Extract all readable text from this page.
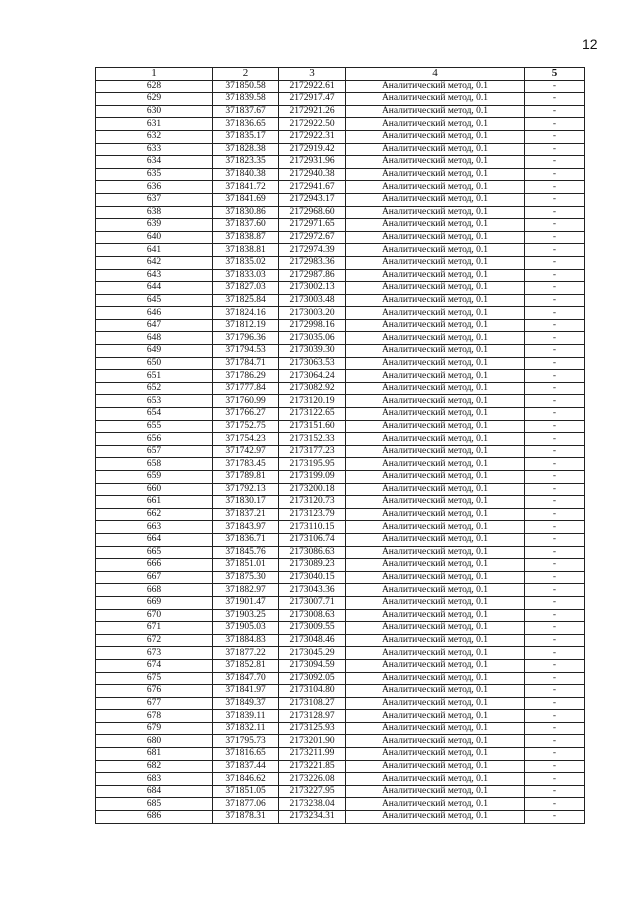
12
1	2	3	4	5
628	371850.58	2172922.61	Аналитический метод, 0.1	-
629	371839.58	2172917.47	Аналитический метод, 0.1	-
630	371837.67	2172921.26	Аналитический метод, 0.1	-
631	371836.65	2172922.50	Аналитический метод, 0.1	-
632	371835.17	2172922.31	Аналитический метод, 0.1	-
633	371828.38	2172919.42	Аналитический метод, 0.1	-
634	371823.35	2172931.96	Аналитический метод, 0.1	-
635	371840.38	2172940.38	Аналитический метод, 0.1	-
636	371841.72	2172941.67	Аналитический метод, 0.1	-
637	371841.69	2172943.17	Аналитический метод, 0.1	-
638	371830.86	2172968.60	Аналитический метод, 0.1	-
639	371837.60	2172971.65	Аналитический метод, 0.1	-
640	371838.87	2172972.67	Аналитический метод, 0.1	-
641	371838.81	2172974.39	Аналитический метод, 0.1	-
642	371835.02	2172983.36	Аналитический метод, 0.1	-
643	371833.03	2172987.86	Аналитический метод, 0.1	-
644	371827.03	2173002.13	Аналитический метод, 0.1	-
645	371825.84	2173003.48	Аналитический метод, 0.1	-
646	371824.16	2173003.20	Аналитический метод, 0.1	-
647	371812.19	2172998.16	Аналитический метод, 0.1	-
648	371796.36	2173035.06	Аналитический метод, 0.1	-
649	371794.53	2173039.30	Аналитический метод, 0.1	-
650	371784.71	2173063.53	Аналитический метод, 0.1	-
651	371786.29	2173064.24	Аналитический метод, 0.1	-
652	371777.84	2173082.92	Аналитический метод, 0.1	-
653	371760.99	2173120.19	Аналитический метод, 0.1	-
654	371766.27	2173122.65	Аналитический метод, 0.1	-
655	371752.75	2173151.60	Аналитический метод, 0.1	-
656	371754.23	2173152.33	Аналитический метод, 0.1	-
657	371742.97	2173177.23	Аналитический метод, 0.1	-
658	371783.45	2173195.95	Аналитический метод, 0.1	-
659	371789.81	2173199.09	Аналитический метод, 0.1	-
660	371792.13	2173200.18	Аналитический метод, 0.1	-
661	371830.17	2173120.73	Аналитический метод, 0.1	-
662	371837.21	2173123.79	Аналитический метод, 0.1	-
663	371843.97	2173110.15	Аналитический метод, 0.1	-
664	371836.71	2173106.74	Аналитический метод, 0.1	-
665	371845.76	2173086.63	Аналитический метод, 0.1	-
666	371851.01	2173089.23	Аналитический метод, 0.1	-
667	371875.30	2173040.15	Аналитический метод, 0.1	-
668	371882.97	2173043.36	Аналитический метод, 0.1	-
669	371901.47	2173007.71	Аналитический метод, 0.1	-
670	371903.25	2173008.63	Аналитический метод, 0.1	-
671	371905.03	2173009.55	Аналитический метод, 0.1	-
672	371884.83	2173048.46	Аналитический метод, 0.1	-
673	371877.22	2173045.29	Аналитический метод, 0.1	-
674	371852.81	2173094.59	Аналитический метод, 0.1	-
675	371847.70	2173092.05	Аналитический метод, 0.1	-
676	371841.97	2173104.80	Аналитический метод, 0.1	-
677	371849.37	2173108.27	Аналитический метод, 0.1	-
678	371839.11	2173128.97	Аналитический метод, 0.1	-
679	371832.11	2173125.93	Аналитический метод, 0.1	-
680	371795.73	2173201.90	Аналитический метод, 0.1	-
681	371816.65	2173211.99	Аналитический метод, 0.1	-
682	371837.44	2173221.85	Аналитический метод, 0.1	-
683	371846.62	2173226.08	Аналитический метод, 0.1	-
684	371851.05	2173227.95	Аналитический метод, 0.1	-
685	371877.06	2173238.04	Аналитический метод, 0.1	-
686	371878.31	2173234.31	Аналитический метод, 0.1	-
